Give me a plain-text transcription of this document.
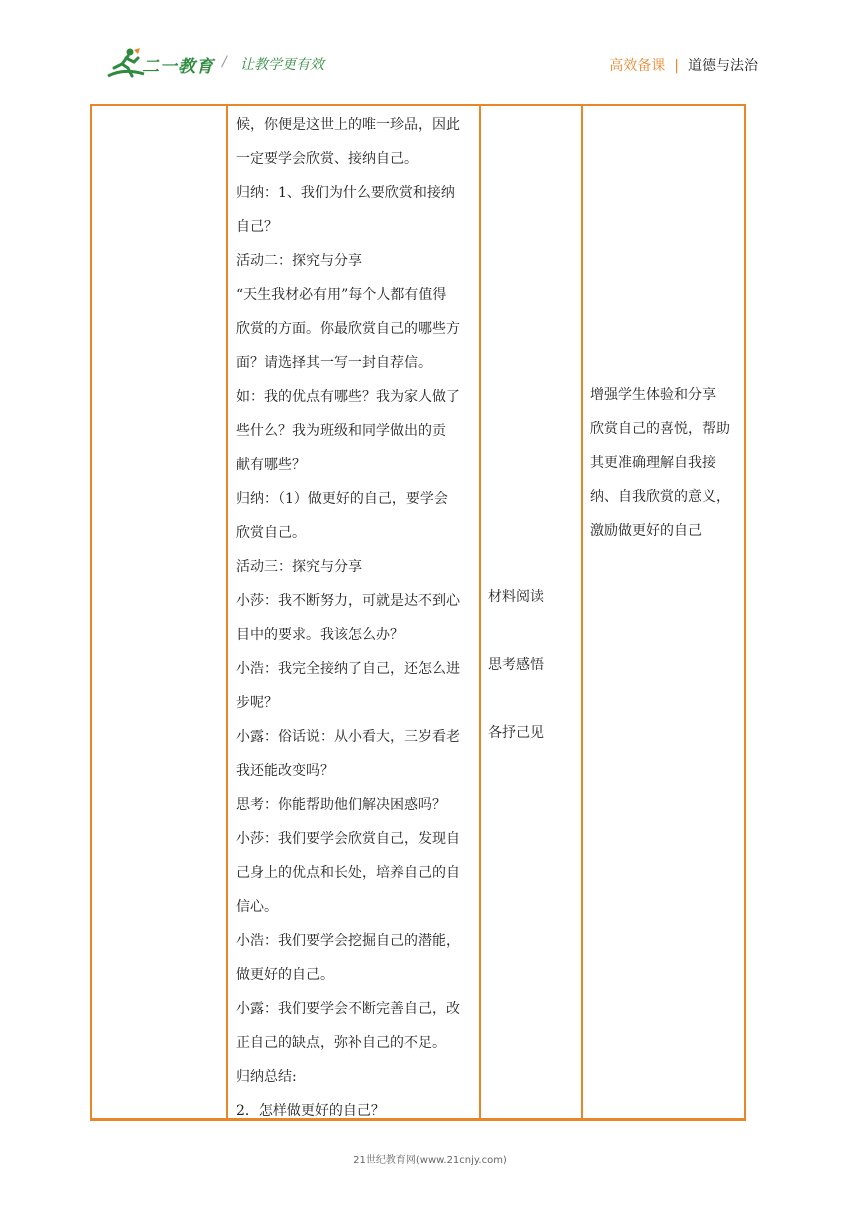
二一教育 / 让教学更有效	高效备课 | 道德与法治

候，你便是这世上的唯一珍品，因此

一定要学会欣赏、接纳自己。

归纳：1、我们为什么要欣赏和接纳

自己？

活动二：探究与分享

“天生我材必有用”每个人都有值得

欣赏的方面。你最欣赏自己的哪些方

面？请选择其一写一封自荐信。

如：我的优点有哪些？我为家人做了

些什么？我为班级和同学做出的贡

献有哪些？

归纳：（1）做更好的自己，要学会

欣赏自己。

活动三：探究与分享

小莎：我不断努力，可就是达不到心

目中的要求。我该怎么办？

小浩：我完全接纳了自己，还怎么进

步呢？

小露：俗话说：从小看大，三岁看老

我还能改变吗？

思考：你能帮助他们解决困惑吗？

小莎：我们要学会欣赏自己，发现自

己身上的优点和长处，培养自己的自

信心。

小浩：我们要学会挖掘自己的潜能，

做更好的自己。

小露：我们要学会不断完善自己，改

正自己的缺点，弥补自己的不足。

归纳总结:

2．怎样做更好的自己？

材料阅读

思考感悟

各抒己见

增强学生体验和分享

欣赏自己的喜悦，帮助

其更准确理解自我接

纳、自我欣赏的意义，

激励做更好的自己

21世纪教育网(www.21cnjy.com)
